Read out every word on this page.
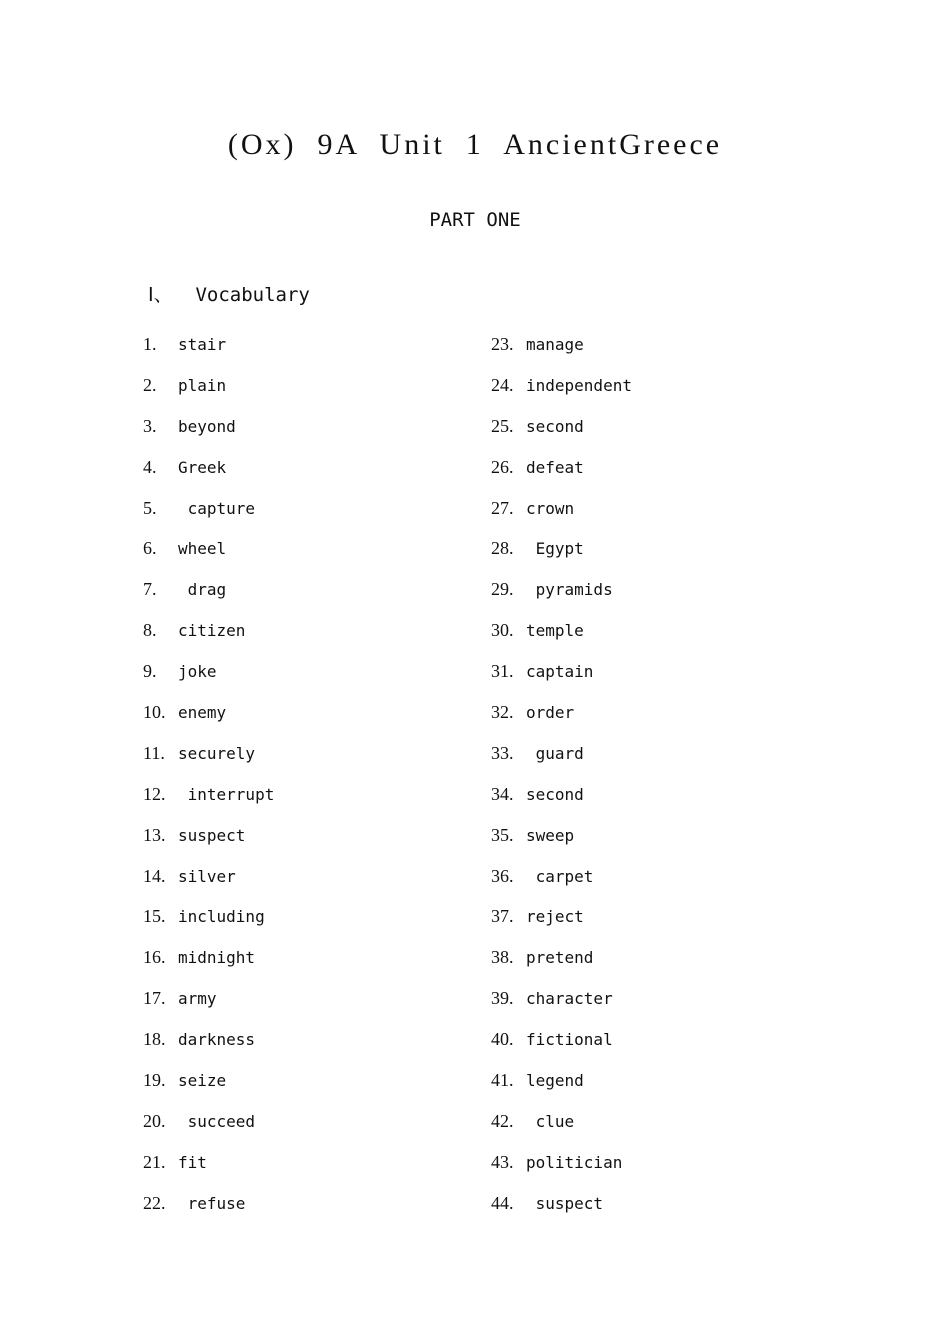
(Ox)  9A  Unit  1  AncientGreece
PART ONE
Ⅰ、  Vocabulary
1.	stair
2.	plain
3.	beyond
4.	Greek
5.	capture
6.	wheel
7.	drag
8.	citizen
9.	joke
10. enemy
11. securely
12. interrupt
13. suspect
14. silver
15. including
16. midnight
17. army
18. darkness
19. seize
20. succeed
21. fit
22. refuse
23. manage
24. independent
25. second
26. defeat
27. crown
28. Egypt
29. pyramids
30. temple
31. captain
32. order
33. guard
34. second
35. sweep
36. carpet
37. reject
38. pretend
39. character
40. fictional
41. legend
42. clue
43. politician
44. suspect
